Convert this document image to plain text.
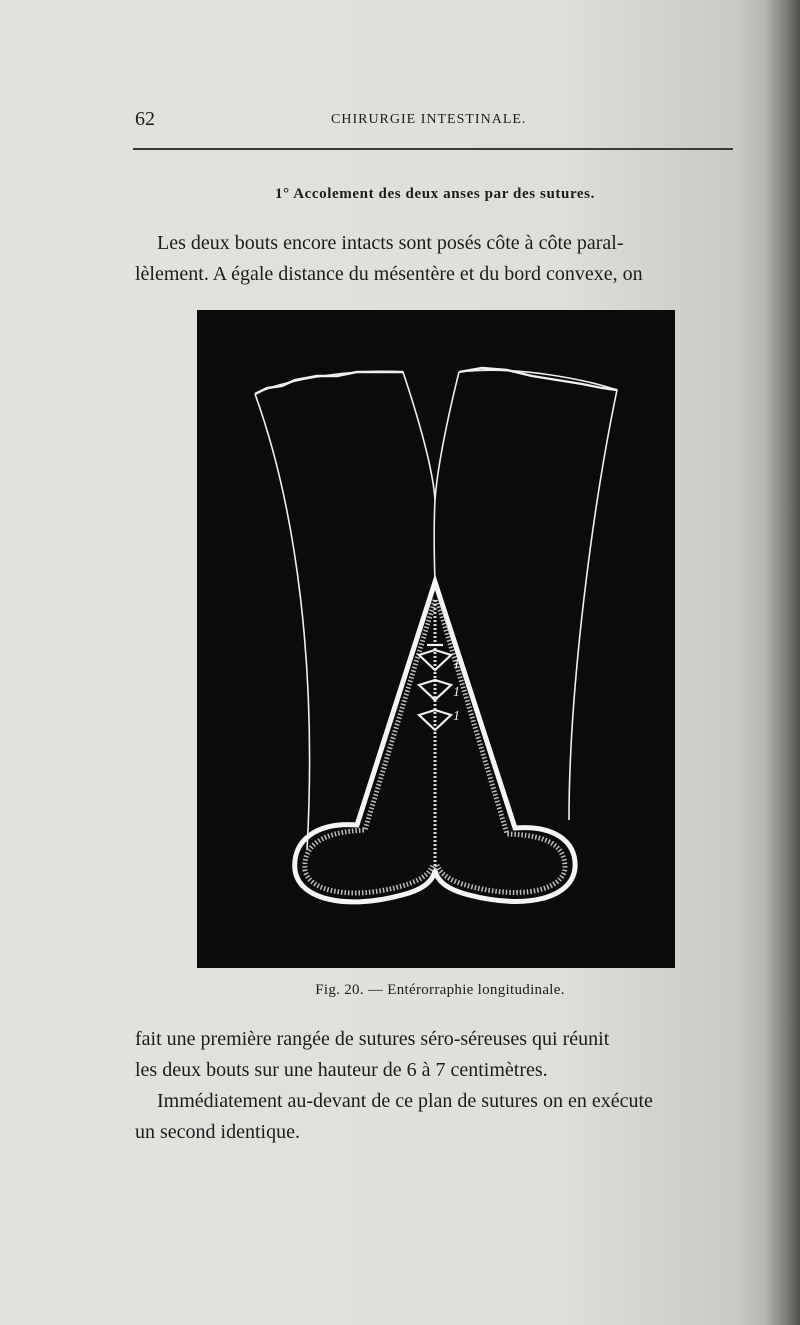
62	CHIRURGIE INTESTINALE.
1° Accolement des deux anses par des sutures.

Les deux bouts encore intacts sont posés côte à côte paral-

lèlement. A égale distance du mésentère et du bord convexe, on

1
1
1
Fig. 20. — Entérorraphie longitudinale.

fait une première rangée de sutures séro-séreuses qui réunit

les deux bouts sur une hauteur de 6 à 7 centimètres.

Immédiatement au-devant de ce plan de sutures on en exécute

un second identique.
